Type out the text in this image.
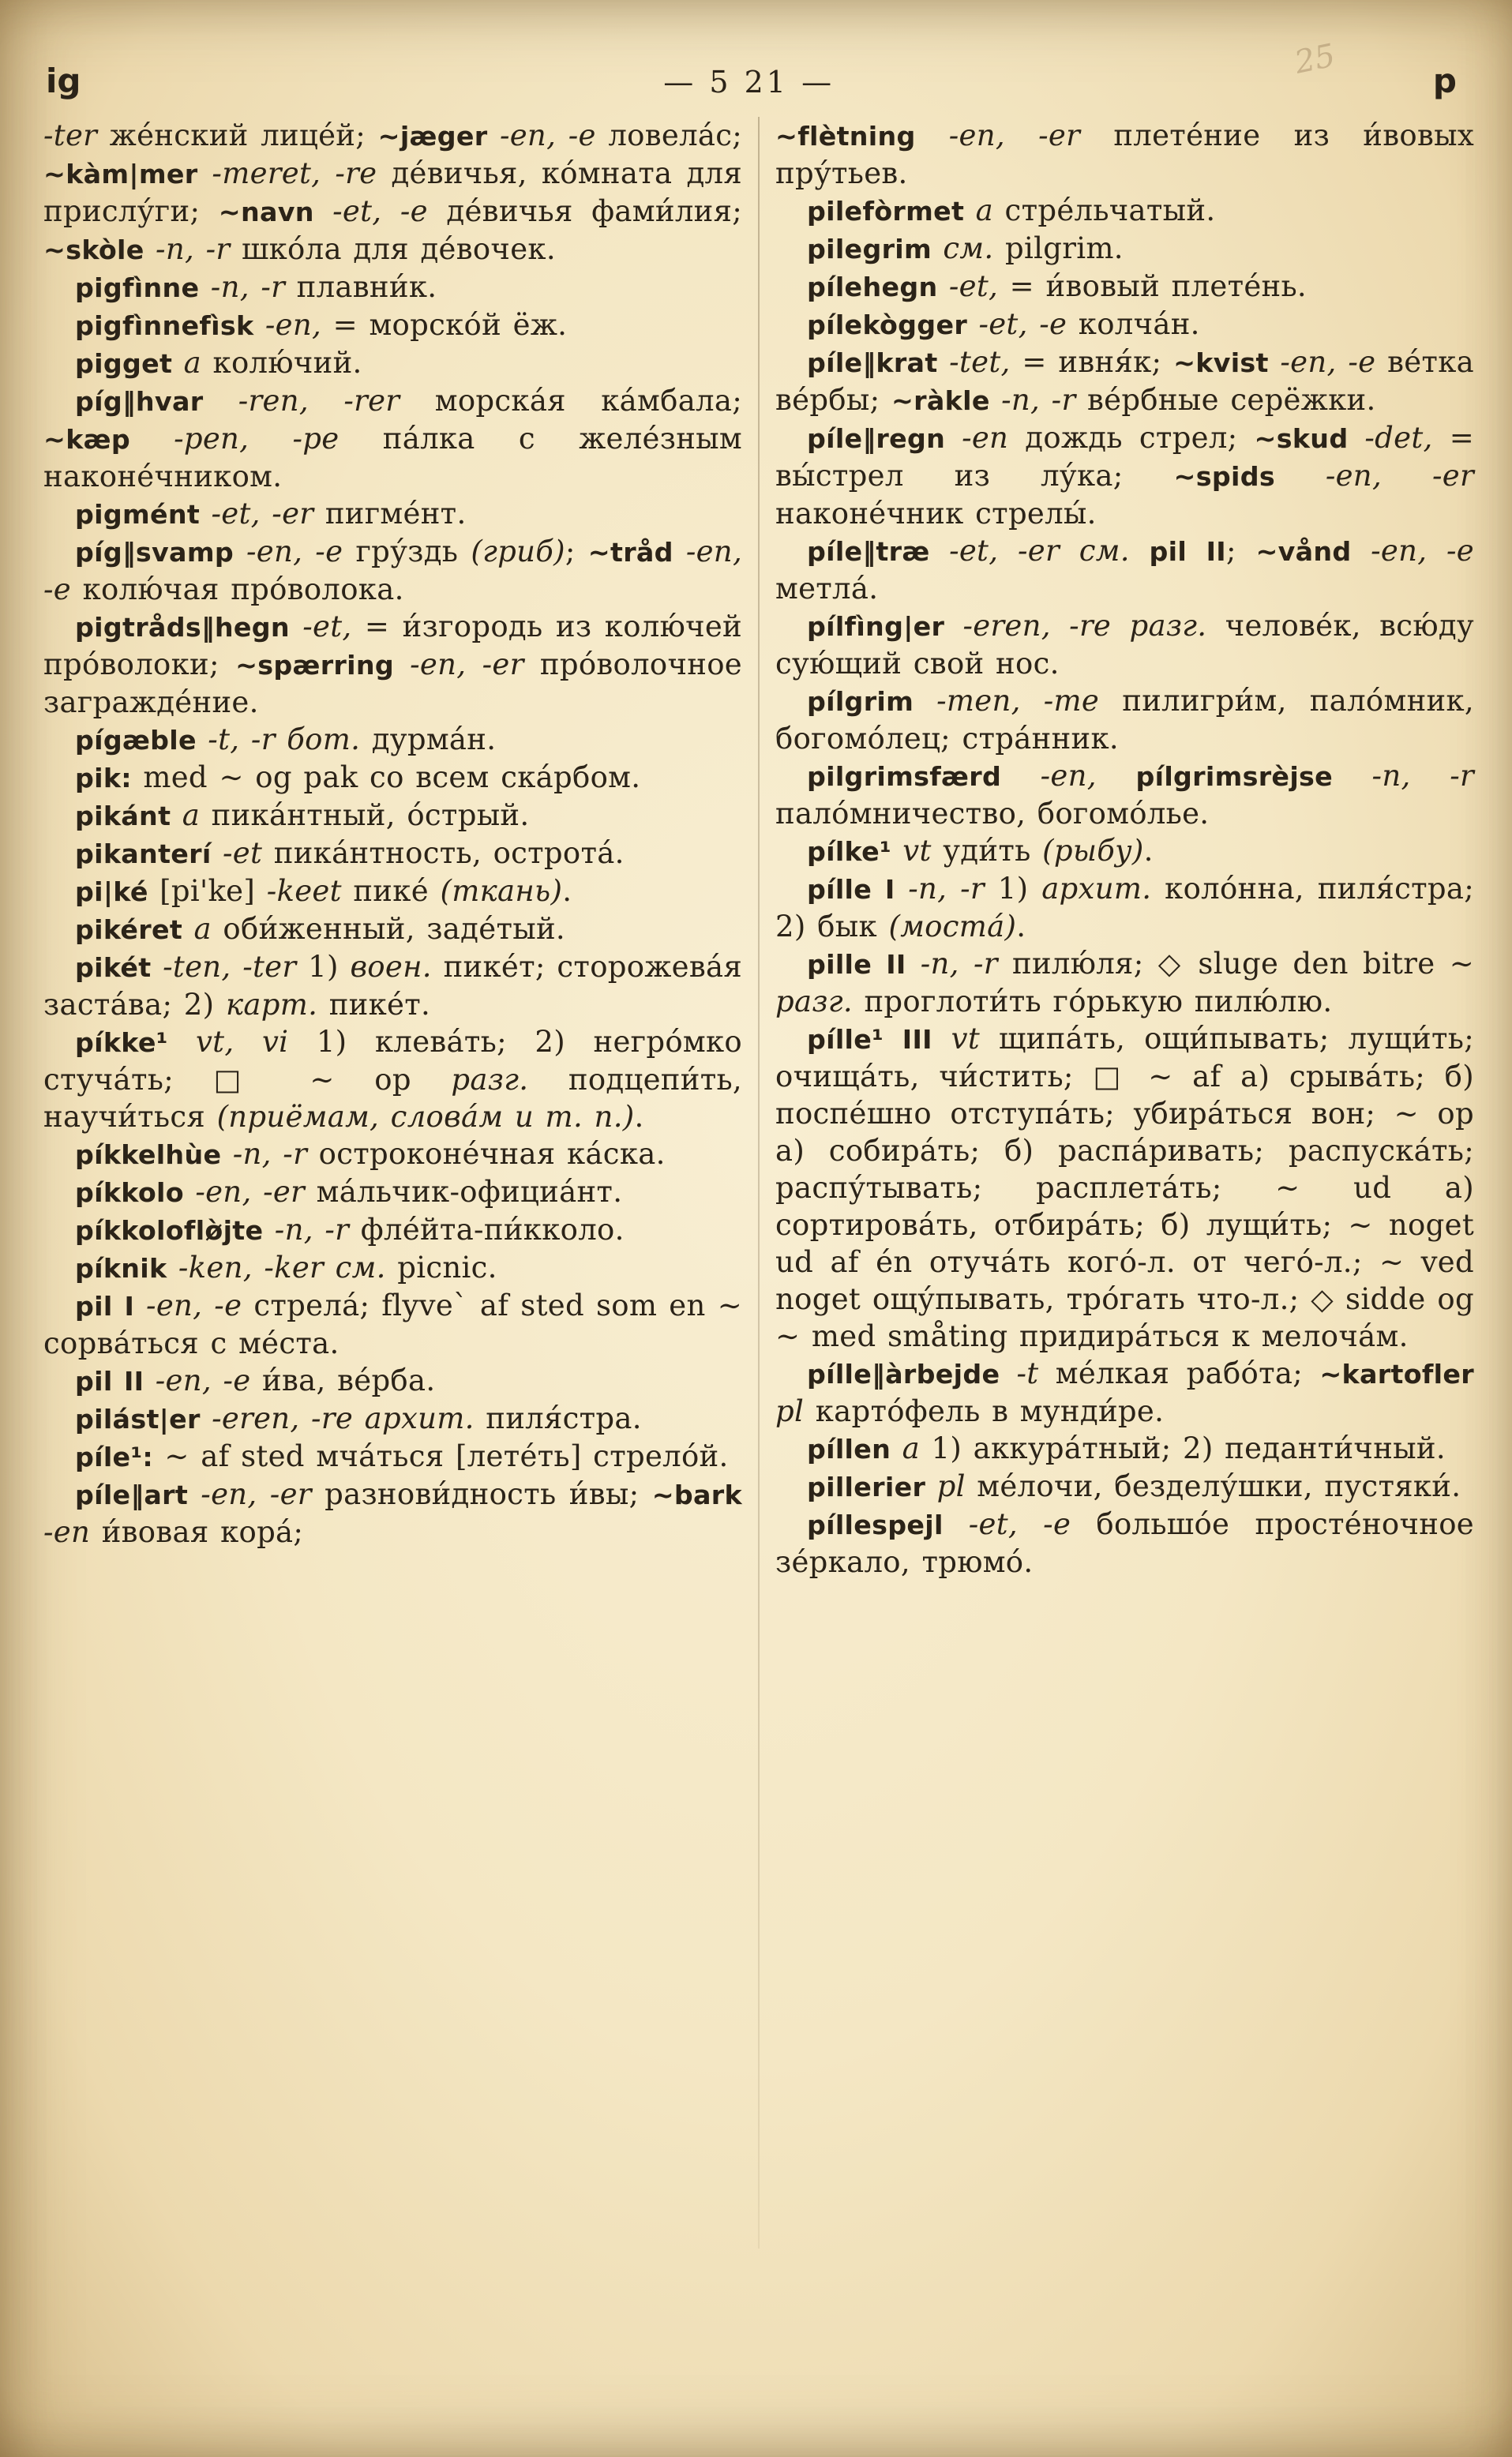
25
ig	— 5 21 —	p

-ter же́нский лице́й; ∼jæger -en, -e ловела́с; ∼kàm|mer -meret, -re де́вичья, ко́мната для прислу́ги; ∼navn -et, -e де́вичья фами́лия; ∼skòle -n, -r шко́ла для де́вочек.

pigfìnne -n, -r плавни́к.

pigfìnnefìsk -en, = морско́й ёж.

pigget a колю́чий.

píg‖hvar -ren, -rer морска́я ка́мбала; ∼kæp -pen, -pe па́лка с желе́зным наконе́чником.

pigmént -et, -er пигме́нт.

píg‖svamp -en, -e гру́здь (гриб); ∼tråd -en, -e колю́чая про́волока.

pigtråds‖hegn -et, = и́згородь из колю́чей про́волоки; ∼spærring -en, -er про́волочное загражде́ние.

pígæble -t, -r бот. дурма́н.

pik: med ∼ og pak со всем ска́рбом.

pikánt a пика́нтный, о́стрый.

pikanterí -et пика́нтность, острота́.

pi|ké [pi'ke] -keet пике́ (ткань).

pikéret a оби́женный, заде́тый.

pikét -ten, -ter 1) воен. пике́т; сторожева́я заста́ва; 2) карт. пике́т.

píkke¹ vt, vi 1) клева́ть; 2) негро́мко стуча́ть; □ ∼ op разг. подцепи́ть, научи́ться (приёмам, слова́м и т. п.).

píkkelhùe -n, -r остроконе́чная ка́ска.

píkkolo -en, -er ма́льчик-официа́нт.

píkkoloflø̀jte -n, -r фле́йта-пи́кколо.

píknik -ken, -ker см. picnic.

pil I -en, -e стрела́; flyve` af sted som en ∼ сорва́ться с ме́ста.

pil II -en, -e и́ва, ве́рба.

pilást|er -eren, -re архит. пиля́стра.

píle¹: ∼ af sted мча́ться [лете́ть] стрело́й.

píle‖art -en, -er разнови́дность и́вы; ∼bark -en и́вовая кора́;

∼flètning -en, -er плете́ние из и́вовых пру́тьев.

pilefòrmet a стре́льчатый.

pilegrim см. pilgrim.

pílehegn -et, = и́вовый плете́нь.

pílekògger -et, -e колча́н.

píle‖krat -tet, = ивня́к; ∼kvist -en, -e ве́тка ве́рбы; ∼ràkle -n, -r ве́рбные серёжки.

píle‖regn -en дождь стрел; ∼skud -det, = вы́стрел из лу́ка; ∼spids -en, -er наконе́чник стрелы́.

píle‖træ -et, -er см. pil II; ∼vånd -en, -e метла́.

pílfìng|er -eren, -re разг. челове́к, всю́ду сую́щий свой нос.

pílgrim -men, -me пилигри́м, пало́мник, богомо́лец; стра́нник.

pilgrimsfærd -en, pílgrimsrèjse -n, -r пало́мничество, богомо́лье.

pílke¹ vt уди́ть (рыбу).

pílle I -n, -r 1) архит. коло́нна, пиля́стра; 2) бык (моста́).

pille II -n, -r пилю́ля; ◇ sluge den bitre ∼ разг. проглоти́ть го́рькую пилю́лю.

pílle¹ III vt щипа́ть, ощи́пывать; лущи́ть; очища́ть, чи́стить; □ ∼ af а) срыва́ть; б) поспе́шно отступа́ть; убира́ться вон; ∼ op а) собира́ть; б) распа́ривать; распуска́ть; распу́тывать; расплета́ть; ∼ ud а) сортирова́ть, отбира́ть; б) лущи́ть; ∼ noget ud af én отуча́ть кого́-л. от чего́-л.; ∼ ved noget ощу́пывать, тро́гать что-л.; ◇ sidde og ∼ med småting придира́ться к мелоча́м.

pílle‖àrbejde -t ме́лкая рабо́та; ∼kartofler pl карто́фель в мунди́ре.

píllen a 1) аккура́тный; 2) педанти́чный.

pillerier pl ме́лочи, безделу́шки, пустяки́.

píllespejl -et, -e большо́е просте́ночное зе́ркало, трюмо́.
